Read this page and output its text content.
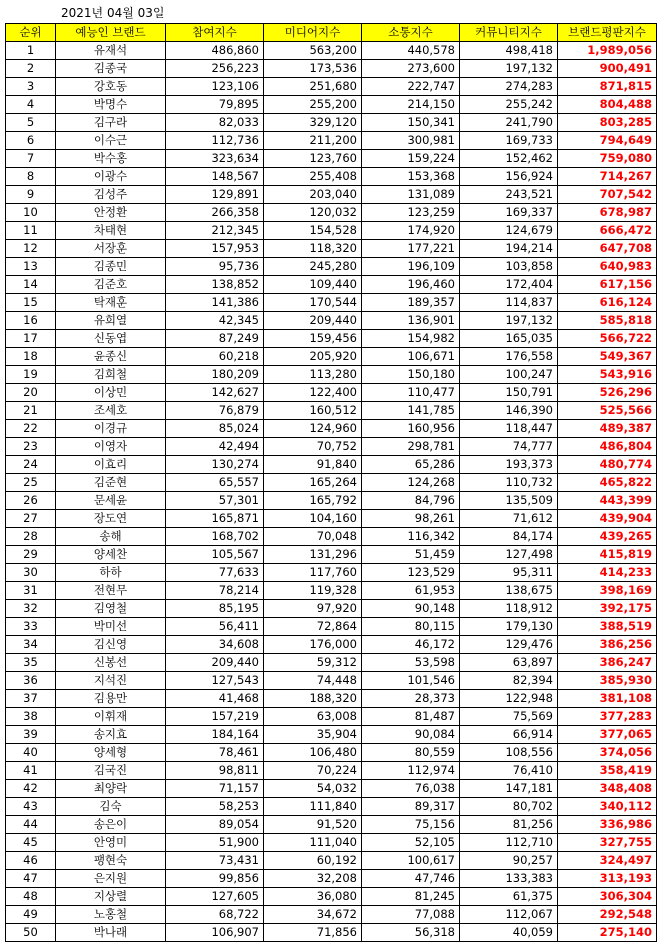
2021년 04월 03일
순위	예능인 브랜드	참여지수	미디어지수	소통지수	커뮤니티지수	브랜드평판지수
1	유재석	486,860	563,200	440,578	498,418	1,989,056
2	김종국	256,223	173,536	273,600	197,132	900,491
3	강호동	123,106	251,680	222,747	274,283	871,815
4	박명수	79,895	255,200	214,150	255,242	804,488
5	김구라	82,033	329,120	150,341	241,790	803,285
6	이수근	112,736	211,200	300,981	169,733	794,649
7	박수홍	323,634	123,760	159,224	152,462	759,080
8	이광수	148,567	255,408	153,368	156,924	714,267
9	김성주	129,891	203,040	131,089	243,521	707,542
10	안정환	266,358	120,032	123,259	169,337	678,987
11	차태현	212,345	154,528	174,920	124,679	666,472
12	서장훈	157,953	118,320	177,221	194,214	647,708
13	김종민	95,736	245,280	196,109	103,858	640,983
14	김준호	138,852	109,440	196,460	172,404	617,156
15	탁재훈	141,386	170,544	189,357	114,837	616,124
16	유희열	42,345	209,440	136,901	197,132	585,818
17	신동엽	87,249	159,456	154,982	165,035	566,722
18	윤종신	60,218	205,920	106,671	176,558	549,367
19	김희철	180,209	113,280	150,180	100,247	543,916
20	이상민	142,627	122,400	110,477	150,791	526,296
21	조세호	76,879	160,512	141,785	146,390	525,566
22	이경규	85,024	124,960	160,956	118,447	489,387
23	이영자	42,494	70,752	298,781	74,777	486,804
24	이효리	130,274	91,840	65,286	193,373	480,774
25	김준현	65,557	165,264	124,268	110,732	465,822
26	문세윤	57,301	165,792	84,796	135,509	443,399
27	장도연	165,871	104,160	98,261	71,612	439,904
28	송해	168,702	70,048	116,342	84,174	439,265
29	양세찬	105,567	131,296	51,459	127,498	415,819
30	하하	77,633	117,760	123,529	95,311	414,233
31	전현무	78,214	119,328	61,953	138,675	398,169
32	김영철	85,195	97,920	90,148	118,912	392,175
33	박미선	56,411	72,864	80,115	179,130	388,519
34	김신영	34,608	176,000	46,172	129,476	386,256
35	신봉선	209,440	59,312	53,598	63,897	386,247
36	지석진	127,543	74,448	101,546	82,394	385,930
37	김용만	41,468	188,320	28,373	122,948	381,108
38	이휘재	157,219	63,008	81,487	75,569	377,283
39	송지효	184,164	35,904	90,084	66,914	377,065
40	양세형	78,461	106,480	80,559	108,556	374,056
41	김국진	98,811	70,224	112,974	76,410	358,419
42	최양락	71,157	54,032	76,038	147,181	348,408
43	김숙	58,253	111,840	89,317	80,702	340,112
44	송은이	89,054	91,520	75,156	81,256	336,986
45	안영미	51,900	111,040	52,105	112,710	327,755
46	팽현숙	73,431	60,192	100,617	90,257	324,497
47	은지원	99,856	32,208	47,746	133,383	313,193
48	지상렬	127,605	36,080	81,245	61,375	306,304
49	노홍철	68,722	34,672	77,088	112,067	292,548
50	박나래	106,907	71,856	56,318	40,059	275,140
